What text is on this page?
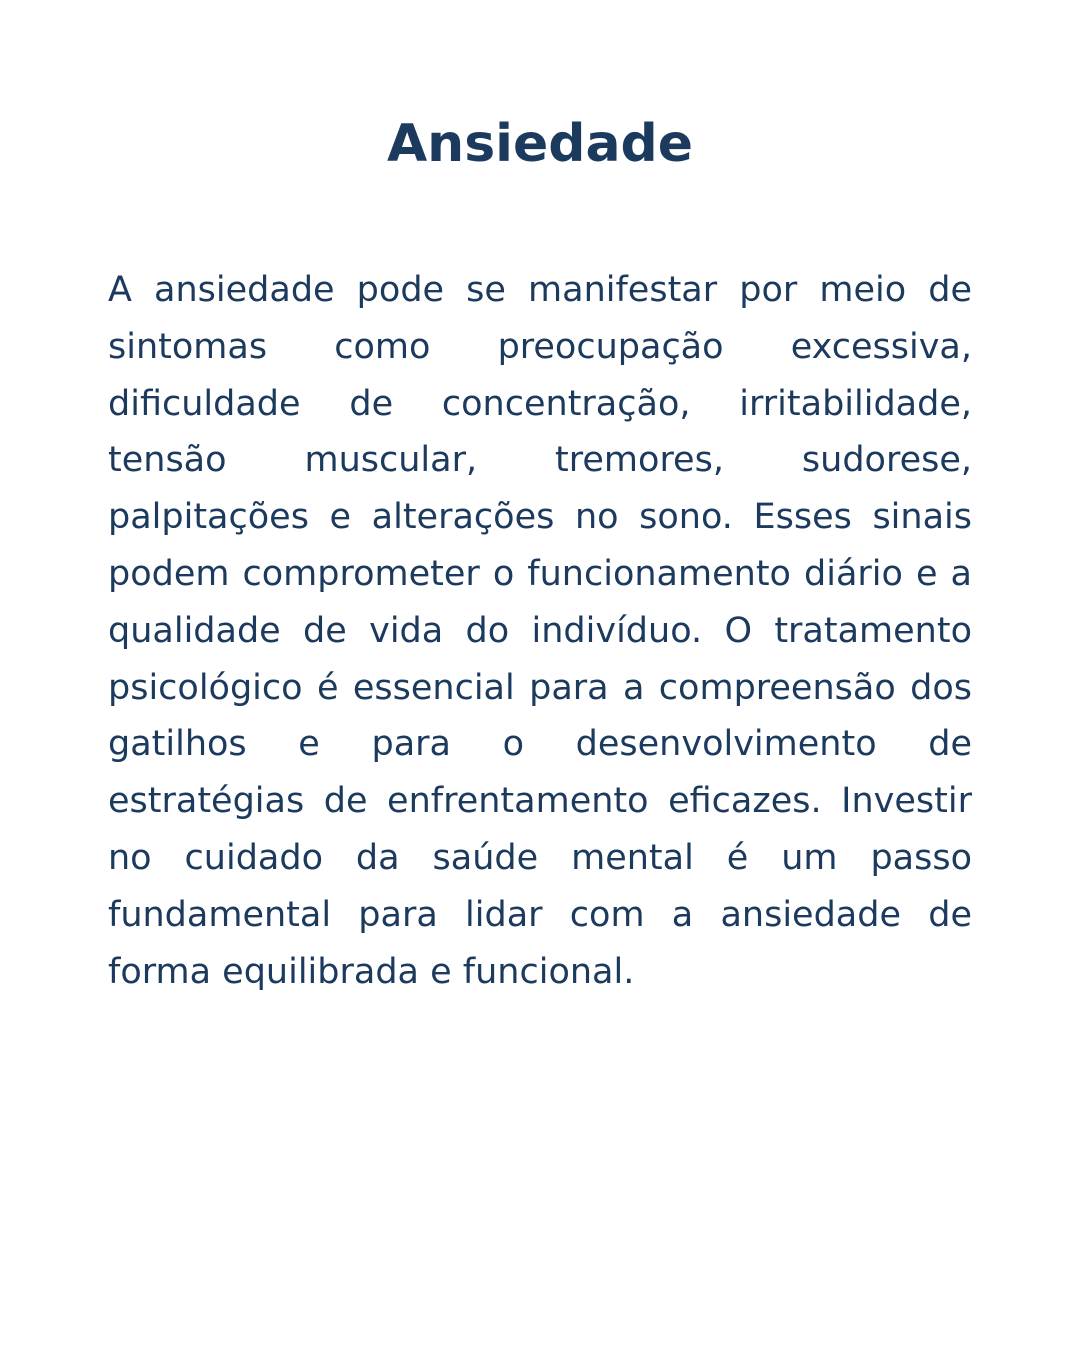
Ansiedade

A ansiedade pode se manifestar por meio de sintomas como preocupação excessiva, dificuldade de concentração, irritabilidade, tensão muscular, tremores, sudorese, palpitações e alterações no sono. Esses sinais podem comprometer o funcionamento diário e a qualidade de vida do indivíduo. O tratamento psicológico é essencial para a compreensão dos gatilhos e para o desenvolvimento de estratégias de enfrentamento eficazes. Investir no cuidado da saúde mental é um passo fundamental para lidar com a ansiedade de forma equilibrada e funcional.
